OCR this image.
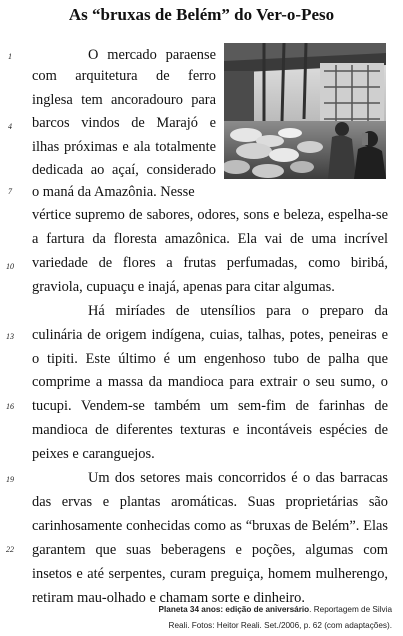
As “bruxas de Belém” do Ver-o-Peso
1
4
7
10
13
16
19
22
O mercado paraense
com arquitetura de ferro
inglesa tem ancoradouro para
barcos vindos de Marajó e
ilhas próximas e ala totalmente
dedicada ao açaí, considerado
o maná da Amazônia. Nesse
vértice supremo de sabores, odores, sons e beleza, espelha-se
a fartura da floresta amazônica. Ela vai de uma incrível
variedade de flores a frutas perfumadas, como biribá,
graviola, cupuaçu e inajá, apenas para citar algumas.
Há miríades de utensílios para o preparo da
culinária de origem indígena, cuias, talhas, potes, peneiras e
o tipiti. Este último é um engenhoso tubo de palha que
comprime a massa da mandioca para extrair o seu sumo, o
tucupi. Vendem-se também um sem-fim de farinhas de
mandioca de diferentes texturas e incontáveis espécies de
peixes e caranguejos.
Um dos setores mais concorridos é o das barracas
das ervas e plantas aromáticas. Suas proprietárias são
carinhosamente conhecidas como as “bruxas de Belém”. Elas
garantem que suas beberagens e poções, algumas com
insetos e até serpentes, curam preguiça, homem mulherengo,
retiram mau-olhado e chamam sorte e dinheiro.
Planeta 34 anos: edição de aniversário. Reportagem de Silvia
Reali. Fotos: Heitor Reali. Set./2006, p. 62 (com adaptações).
